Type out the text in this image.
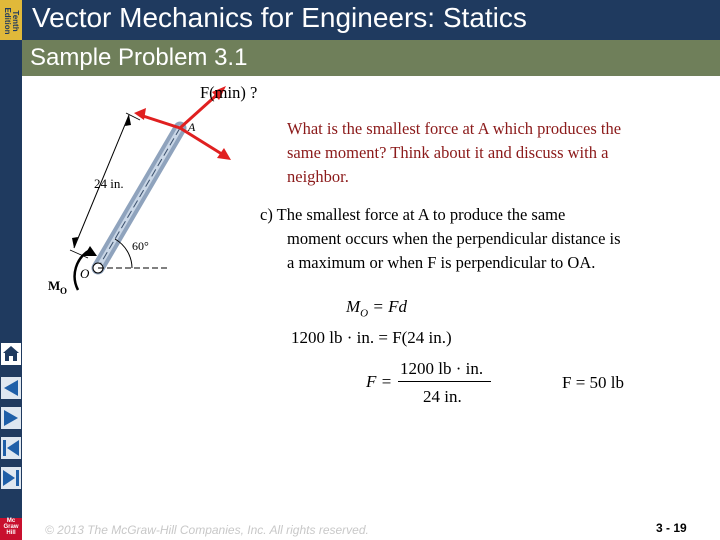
Tenth Edition
Mc Graw Hill
Vector Mechanics for Engineers: Statics
Sample Problem 3.1
A
O
M O
24 in.
60°
F(min) ?
What is the smallest force at A which produces the
same moment? Think about it and discuss with a
neighbor.
c) The smallest force at A to produce the same
moment occurs when the perpendicular distance is
a maximum or when F is perpendicular to OA.
$M_O = Fd$
1200 lb · in. = F(24 in.)
F =
1200 lb · in.
24 in.
F = 50 lb
© 2013 The McGraw-Hill Companies, Inc. All rights reserved.	3 - 19
